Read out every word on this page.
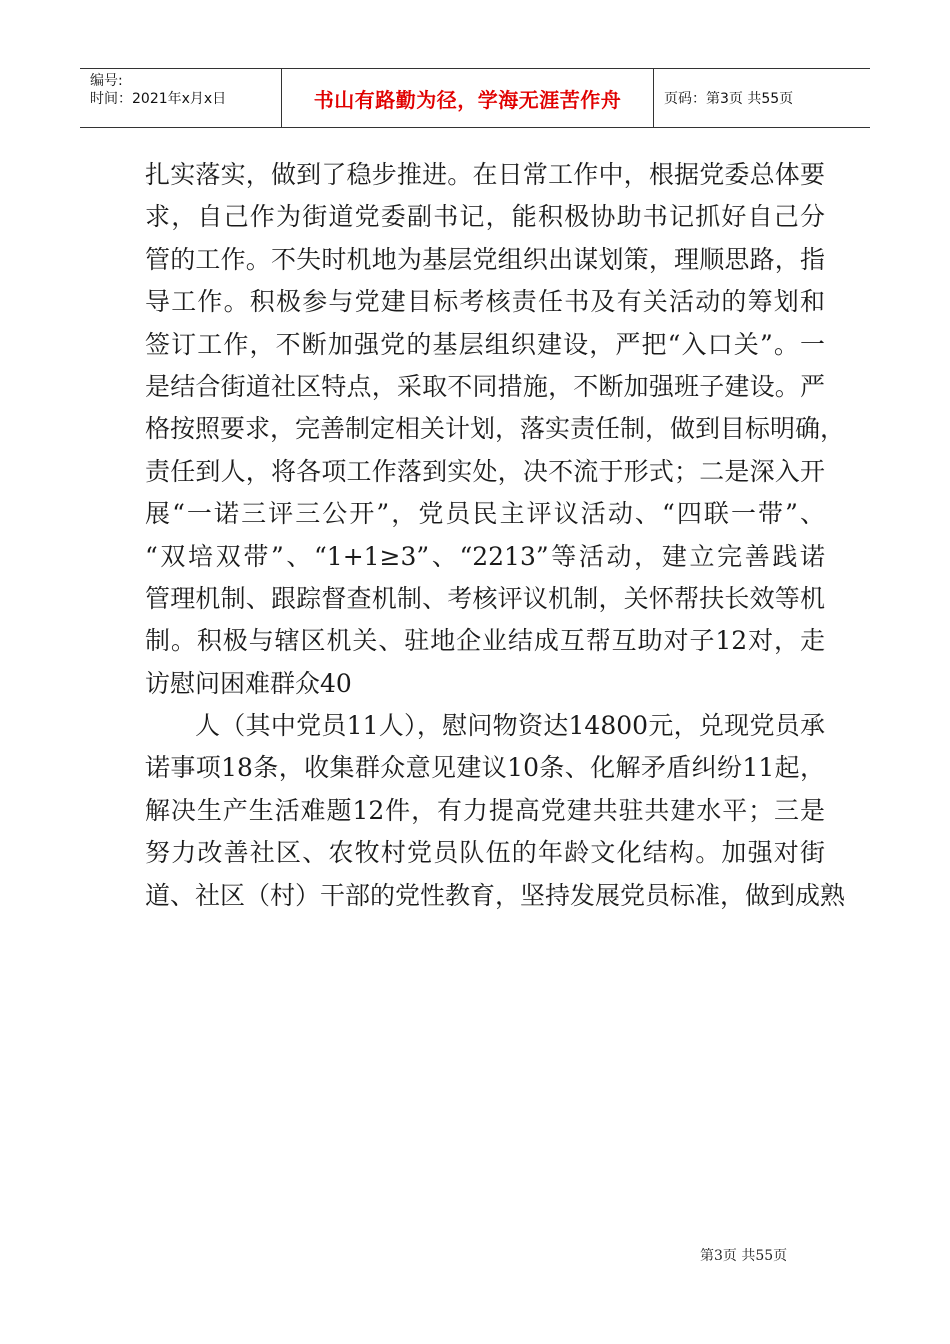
编号:
时间：2021年x月x日	书山有路勤为径，学海无涯苦作舟	页码：第3页 共55页
扎实落实，做到了稳步推进。在日常工作中，根据党委总体要
求，自己作为街道党委副书记，能积极协助书记抓好自己分
管的工作。不失时机地为基层党组织出谋划策，理顺思路，指
导工作。积极参与党建目标考核责任书及有关活动的筹划和
签订工作，不断加强党的基层组织建设，严把“入口关”。一
是结合街道社区特点，采取不同措施，不断加强班子建设。严
格按照要求，完善制定相关计划，落实责任制，做到目标明确，
责任到人，将各项工作落到实处，决不流于形式；二是深入开
展“一诺三评三公开”，党员民主评议活动、“四联一带”、
“双培双带”、“1+1≥3”、“2213”等活动，建立完善践诺
管理机制、跟踪督查机制、考核评议机制，关怀帮扶长效等机
制。积极与辖区机关、驻地企业结成互帮互助对子12对，走
访慰问困难群众40
人（其中党员11人），慰问物资达14800元，兑现党员承
诺事项18条，收集群众意见建议10条、化解矛盾纠纷11起，
解决生产生活难题12件，有力提高党建共驻共建水平；三是
努力改善社区、农牧村党员队伍的年龄文化结构。加强对街
道、社区（村）干部的党性教育，坚持发展党员标准，做到成熟
第3页 共55页
